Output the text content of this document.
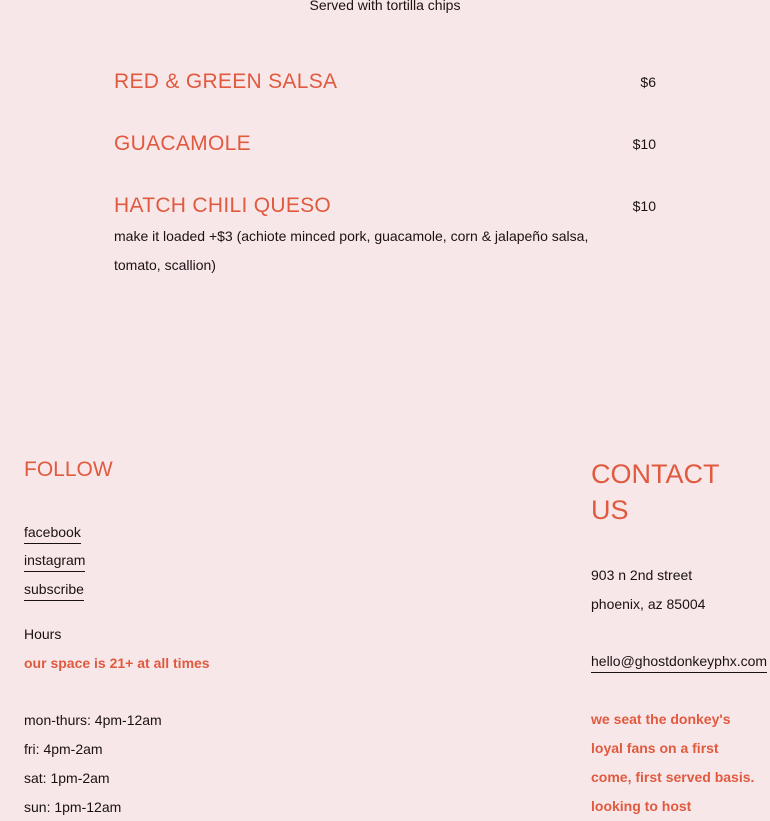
Served with tortilla chips
RED & GREEN SALSA	$6
GUACAMOLE	$10
HATCH CHILI QUESO	$10
make it loaded +$3 (achiote minced pork, guacamole, corn & jalapeño salsa, tomato, scallion)
FOLLOW
facebook
instagram
subscribe
Hours
our space is 21+ at all times
mon-thurs: 4pm-12am
fri: 4pm-2am
sat: 1pm-2am
sun: 1pm-12am
CONTACT US
903 n 2nd street
phoenix, az 85004
hello@ghostdonkeyphx.com
we seat the donkey's loyal fans on a first come, first served basis. looking to host
